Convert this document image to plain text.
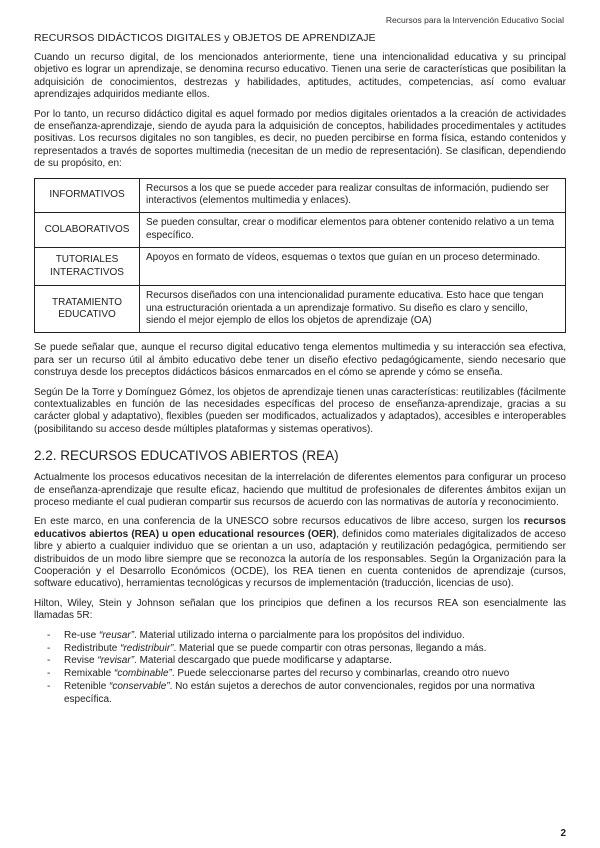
Recursos para la Intervención Educativo Social
RECURSOS DIDÁCTICOS DIGITALES y OBJETOS DE APRENDIZAJE

Cuando un recurso digital, de los mencionados anteriormente, tiene una intencionalidad educativa y su principal objetivo es lograr un aprendizaje, se denomina recurso educativo. Tienen una serie de características que posibilitan la adquisición de conocimientos, destrezas y habilidades, aptitudes, actitudes, competencias, así como evaluar aprendizajes adquiridos mediante ellos.

Por lo tanto, un recurso didáctico digital es aquel formado por medios digitales orientados a la creación de actividades de enseñanza-aprendizaje, siendo de ayuda para la adquisición de conceptos, habilidades procedimentales y actitudes positivas. Los recursos digitales no son tangibles, es decir, no pueden percibirse en forma física, estando contenidos y representados a través de soportes multimedia (necesitan de un medio de representación). Se clasifican, dependiendo de su propósito, en:

INFORMATIVOS	Recursos a los que se puede acceder para realizar consultas de información, pudiendo ser interactivos (elementos multimedia y enlaces).
COLABORATIVOS	Se pueden consultar, crear o modificar elementos para obtener contenido relativo a un tema específico.
TUTORIALES INTERACTIVOS	Apoyos en formato de vídeos, esquemas o textos que guían en un proceso determinado.
TRATAMIENTO EDUCATIVO	Recursos diseñados con una intencionalidad puramente educativa. Esto hace que tengan una estructuración orientada a un aprendizaje formativo. Su diseño es claro y sencillo, siendo el mejor ejemplo de ellos los objetos de aprendizaje (OA)

Se puede señalar que, aunque el recurso digital educativo tenga elementos multimedia y su interacción sea efectiva, para ser un recurso útil al ámbito educativo debe tener un diseño efectivo pedagógicamente, siendo necesario que construya desde los preceptos didácticos básicos enmarcados en el cómo se aprende y cómo se enseña.

Según De la Torre y Domínguez Gómez, los objetos de aprendizaje tienen unas características: reutilizables (fácilmente contextualizables en función de las necesidades específicas del proceso de enseñanza-aprendizaje, gracias a su carácter global y adaptativo), flexibles (pueden ser modificados, actualizados y adaptados), accesibles e interoperables (posibilitando su acceso desde múltiples plataformas y sistemas operativos).

2.2. RECURSOS EDUCATIVOS ABIERTOS (REA)

Actualmente los procesos educativos necesitan de la interrelación de diferentes elementos para configurar un proceso de enseñanza-aprendizaje que resulte eficaz, haciendo que multitud de profesionales de diferentes ámbitos exijan un proceso mediante el cual pudieran compartir sus recursos de acuerdo con las normativas de autoría y reconocimiento.

En este marco, en una conferencia de la UNESCO sobre recursos educativos de libre acceso, surgen los recursos educativos abiertos (REA) u open educational resources (OER), definidos como materiales digitalizados de acceso libre y abierto a cualquier individuo que se orientan a un uso, adaptación y reutilización pedagógica, permitiendo ser distribuidos de un modo libre siempre que se reconozca la autoría de los responsables. Según la Organización para la Cooperación y el Desarrollo Económicos (OCDE), los REA tienen en cuenta contenidos de aprendizaje (cursos, software educativo), herramientas tecnológicas y recursos de implementación (traducción, licencias de uso).

Hilton, Wiley, Stein y Johnson señalan que los principios que definen a los recursos REA son esencialmente las llamadas 5R:

- Re-use “reusar”. Material utilizado interna o parcialmente para los propósitos del individuo.
- Redistribute “redistribuir”. Material que se puede compartir con otras personas, llegando a más.
- Revise “revisar”. Material descargado que puede modificarse y adaptarse.
- Remixable “combinable”. Puede seleccionarse partes del recurso y combinarlas, creando otro nuevo
- Retenible “conservable”. No están sujetos a derechos de autor convencionales, regidos por una normativa específica.
2
